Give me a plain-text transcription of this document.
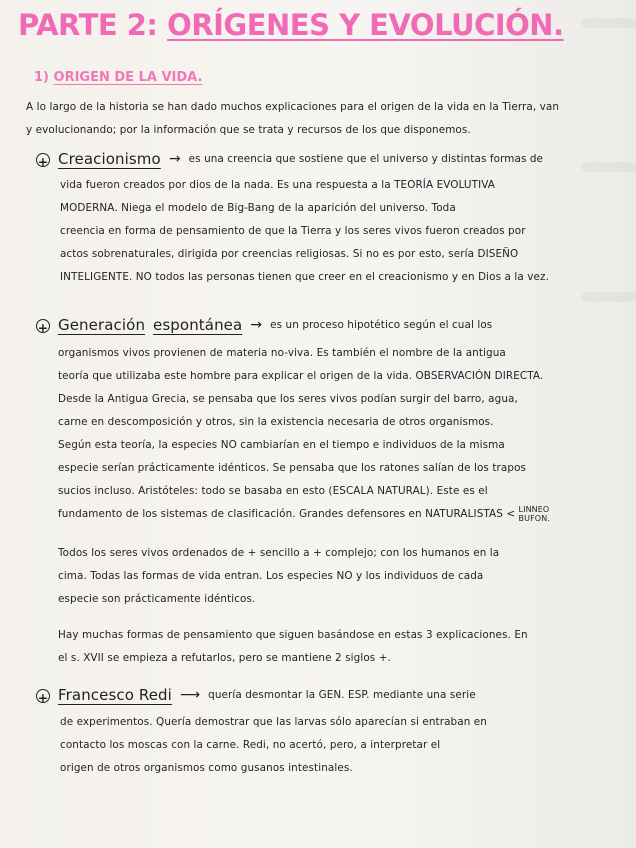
PARTE 2: ORÍGENES Y EVOLUCIÓN.
1) ORIGEN DE LA VIDA.
A lo largo de la historia se han dado muchos explicaciones para el origen de la vida en la Tierra, van
y evolucionando; por la información que se trata y recursos de los que disponemos.
+
Creacionismo → es una creencia que sostiene que el universo y distintas formas de
vida fueron creados por dios de la nada. Es una respuesta a la TEORÍA EVOLUTIVA
MODERNA. Niega el modelo de Big-Bang de la aparición del universo. Toda
creencia en forma de pensamiento de que la Tierra y los seres vivos fueron creados por
actos sobrenaturales, dirigida por creencias religiosas. Si no es por esto, sería DISEÑO
INTELIGENTE. NO todos las personas tienen que creer en el creacionismo y en Dios a la vez.
+
Generación espontánea → es un proceso hipotético según el cual los
organismos vivos provienen de materia no-viva. Es también el nombre de la antigua
teoría que utilizaba este hombre para explicar el origen de la vida. OBSERVACIÓN DIRECTA.
Desde la Antigua Grecia, se pensaba que los seres vivos podían surgir del barro, agua,
carne en descomposición y otros, sin la existencia necesaria de otros organismos.
Según esta teoría, la especies NO cambiarían en el tiempo e individuos de la misma
especie serían prácticamente idénticos. Se pensaba que los ratones salían de los trapos
sucios incluso. Aristóteles: todo se basaba en esto (ESCALA NATURAL). Este es el
fundamento de los sistemas de clasificación. Grandes defensores en NATURALISTAS < LINNEO
BUFON.
Todos los seres vivos ordenados de + sencillo a + complejo; con los humanos en la
cima. Todas las formas de vida entran. Los especies NO y los individuos de cada
especie son prácticamente idénticos.
Hay muchas formas de pensamiento que siguen basándose en estas 3 explicaciones. En
el s. XVII se empieza a refutarlos, pero se mantiene 2 siglos +.
+
Francesco Redi ⟶ quería desmontar la GEN. ESP. mediante una serie
de experimentos. Quería demostrar que las larvas sólo aparecían si entraban en
contacto los moscas con la carne. Redi, no acertó, pero, a interpretar el
origen de otros organismos como gusanos intestinales.
